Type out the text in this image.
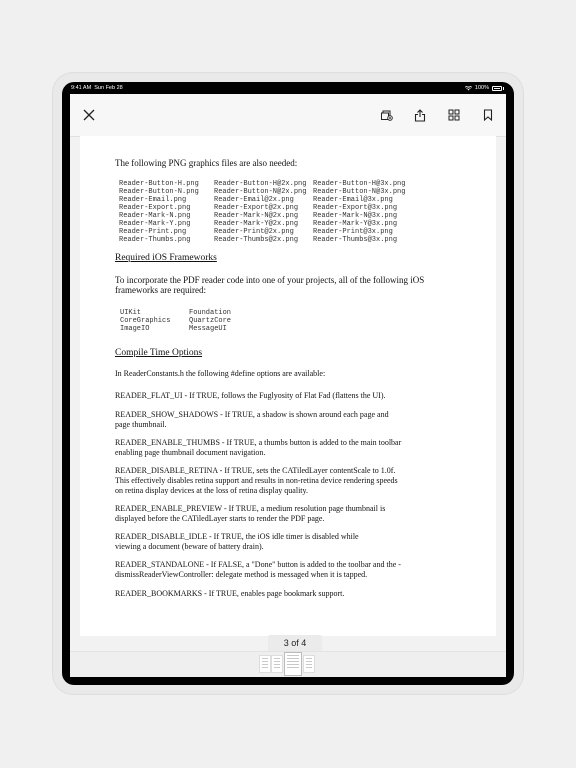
9:41 AM Sun Feb 28	100%
The following PNG graphics files are also needed:
Reader-Button-H.png
Reader-Button-N.png
Reader-Email.png
Reader-Export.png
Reader-Mark-N.png
Reader-Mark-Y.png
Reader-Print.png
Reader-Thumbs.png
Reader-Button-H@2x.png
Reader-Button-N@2x.png
Reader-Email@2x.png
Reader-Export@2x.png
Reader-Mark-N@2x.png
Reader-Mark-Y@2x.png
Reader-Print@2x.png
Reader-Thumbs@2x.png
Reader-Button-H@3x.png
Reader-Button-N@3x.png
Reader-Email@3x.png
Reader-Export@3x.png
Reader-Mark-N@3x.png
Reader-Mark-Y@3x.png
Reader-Print@3x.png
Reader-Thumbs@3x.png
Required iOS Frameworks
To incorporate the PDF reader code into one of your projects, all of the following iOS
frameworks are required:
UIKit
CoreGraphics
ImageIO
Foundation
QuartzCore
MessageUI
Compile Time Options
In ReaderConstants.h the following #define options are available:
READER_FLAT_UI - If TRUE, follows the Fuglyosity of Flat Fad (flattens the UI).
READER_SHOW_SHADOWS - If TRUE, a shadow is shown around each page and
page thumbnail.
READER_ENABLE_THUMBS - If TRUE, a thumbs button is added to the main toolbar
enabling page thumbnail document navigation.
READER_DISABLE_RETINA - If TRUE, sets the CATiledLayer contentScale to 1.0f.
This effectively disables retina support and results in non-retina device rendering speeds
on retina display devices at the loss of retina display quality.
READER_ENABLE_PREVIEW - If TRUE, a medium resolution page thumbnail is
displayed before the CATiledLayer starts to render the PDF page.
READER_DISABLE_IDLE - If TRUE, the iOS idle timer is disabled while
viewing a document (beware of battery drain).
READER_STANDALONE - If FALSE, a "Done" button is added to the toolbar and the -
dismissReaderViewController: delegate method is messaged when it is tapped.
READER_BOOKMARKS - If TRUE, enables page bookmark support.
3 of 4
